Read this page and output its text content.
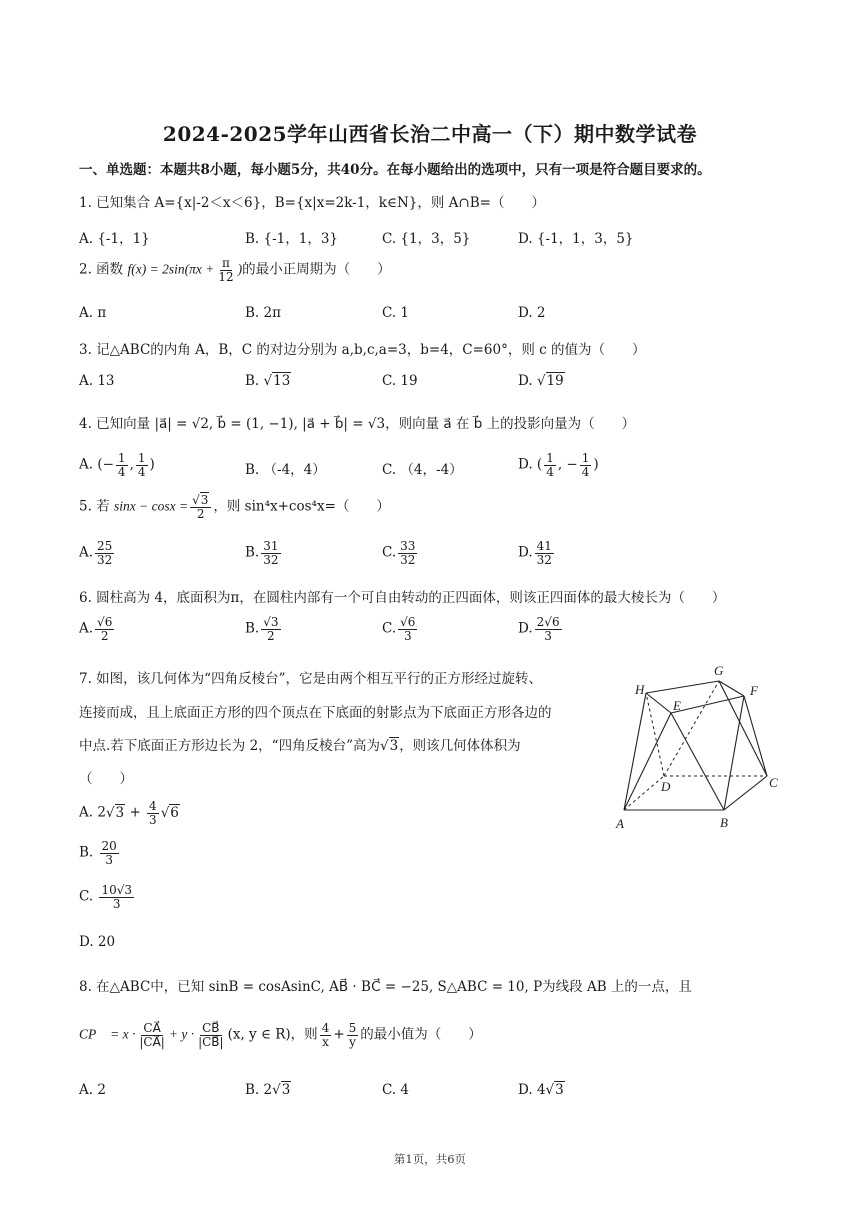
2024-2025学年山西省长治二中高一（下）期中数学试卷
一、单选题：本题共8小题，每小题5分，共40分。在每小题给出的选项中，只有一项是符合题目要求的。
1. 已知集合 A={x|-2＜x＜6}，B={x|x=2k-1，k∈N}，则 A∩B=（　　）
A. {-1，1}	B. {-1，1，3}	C. {1，3，5}	D. {-1，1，3，5}
2. 函数 $f(x) = 2\sin(\pi x + \frac{\pi}{12}$ )的最小正周期为（　　）
A. π	B. 2π	C. 1	D. 2
3. 记△ABC的内角 A，B，C 的对边分别为 a,b,c,a=3，b=4，C=60°，则 c 的值为（　　）
A. 13	B. √13	C. 19	D. √19
4. 已知向量 |a⃗| = √2, b⃗ = (1, −1), |a⃗ + b⃗| = √3，则向量 a⃗ 在 b⃗ 上的投影向量为（　　）
A. (− $\frac{1}{4}$ , $\frac{1}{4}$ )	B. （-4，4）	C. （4，-4）	D. ( $\frac{1}{4}$ , − $\frac{1}{4}$ )
5. 若 $\sin x - \cos x = \frac{√3}{2}$ ，则 sin⁴x+cos⁴x=（　　）
A. $\frac{25}{32}$	B. $\frac{31}{32}$	C. $\frac{33}{32}$	D. $\frac{41}{32}$
6. 圆柱高为 4，底面积为π，在圆柱内部有一个可自由转动的正四面体，则该正四面体的最大棱长为（　　）
A. $\frac{√6}{2}$	B. $\frac{√3}{2}$	C. $\frac{√6}{3}$	D. $\frac{2√6}{3}$
7. 如图，该几何体为“四角反棱台”，它是由两个相互平行的正方形经过旋转、
连接而成，且上底面正方形的四个顶点在下底面的射影点为下底面正方形各边的
中点.若下底面正方形边长为 2，“四角反棱台”高为√3，则该几何体体积为
（　　）
A. $2√3 + \frac{4}{3} √6$
B. $\frac{20}{3}$
C. $\frac{10√3}{3}$
D. 20
H
G
F
E
D	C
A	B
8. 在△ABC中，已知 sinB = cosAsinC, AB⃗ · BC⃗ = −25, S△ABC = 10, P为线段 AB 上的一点，且
CP⃗ = $x \cdot \frac{CA⃗}{|CA⃗|} + y \cdot \frac{CB⃗}{|CB⃗|} (x$, y ∈ R)，则 $\frac{4}{x} + \frac{5}{y}$ 的最小值为（　　）
A. 2	B. 2√3	C. 4	D. 4√3
第1页，共6页
